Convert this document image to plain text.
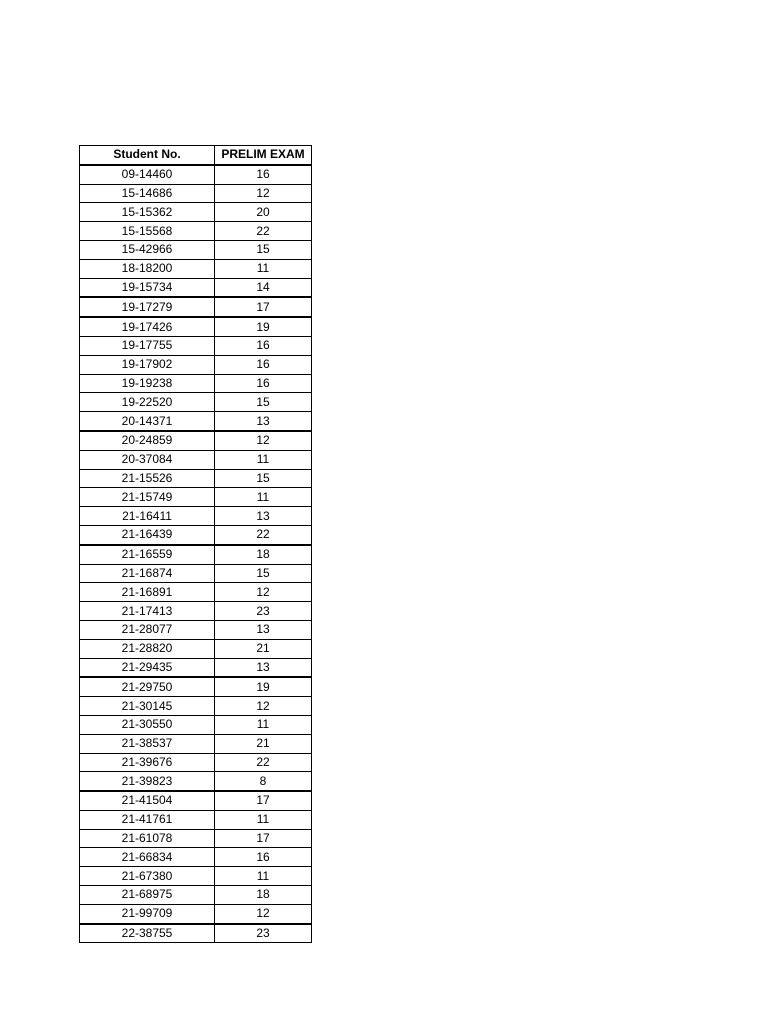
Student No.	PRELIM EXAM
09-14460	16
15-14686	12
15-15362	20
15-15568	22
15-42966	15
18-18200	11
19-15734	14
19-17279	17
19-17426	19
19-17755	16
19-17902	16
19-19238	16
19-22520	15
20-14371	13
20-24859	12
20-37084	11
21-15526	15
21-15749	11
21-16411	13
21-16439	22
21-16559	18
21-16874	15
21-16891	12
21-17413	23
21-28077	13
21-28820	21
21-29435	13
21-29750	19
21-30145	12
21-30550	11
21-38537	21
21-39676	22
21-39823	8
21-41504	17
21-41761	11
21-61078	17
21-66834	16
21-67380	11
21-68975	18
21-99709	12
22-38755	23
